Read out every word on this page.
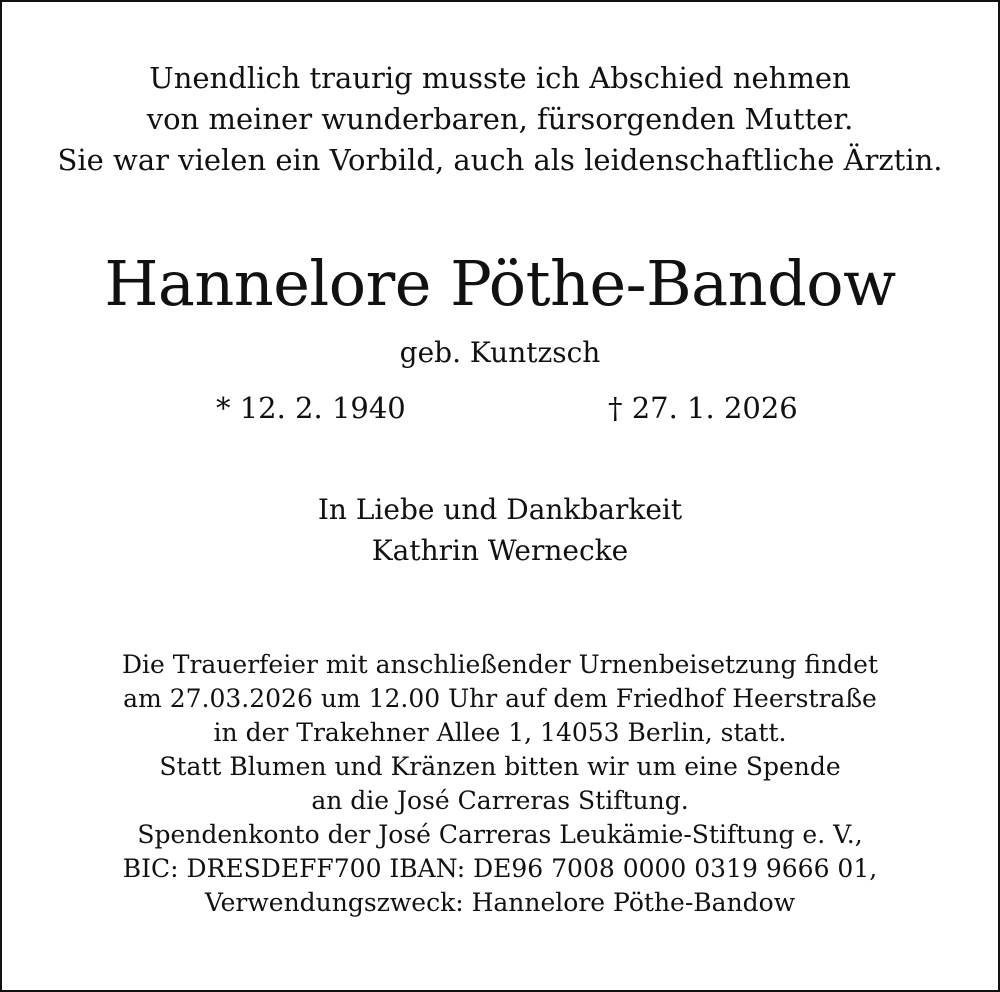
Unendlich traurig musste ich Abschied nehmen
von meiner wunderbaren, fürsorgenden Mutter.
Sie war vielen ein Vorbild, auch als leidenschaftliche Ärztin.
Hannelore Pöthe-Bandow
geb. Kuntzsch
* 12. 2. 1940	† 27. 1. 2026
In Liebe und Dankbarkeit
Kathrin Wernecke
Die Trauerfeier mit anschließender Urnenbeisetzung findet
am 27.03.2026 um 12.00 Uhr auf dem Friedhof Heerstraße
in der Trakehner Allee 1, 14053 Berlin, statt.
Statt Blumen und Kränzen bitten wir um eine Spende
an die José Carreras Stiftung.
Spendenkonto der José Carreras Leukämie-Stiftung e. V.,
BIC: DRESDEFF700 IBAN: DE96 7008 0000 0319 9666 01,
Verwendungszweck: Hannelore Pöthe-Bandow
